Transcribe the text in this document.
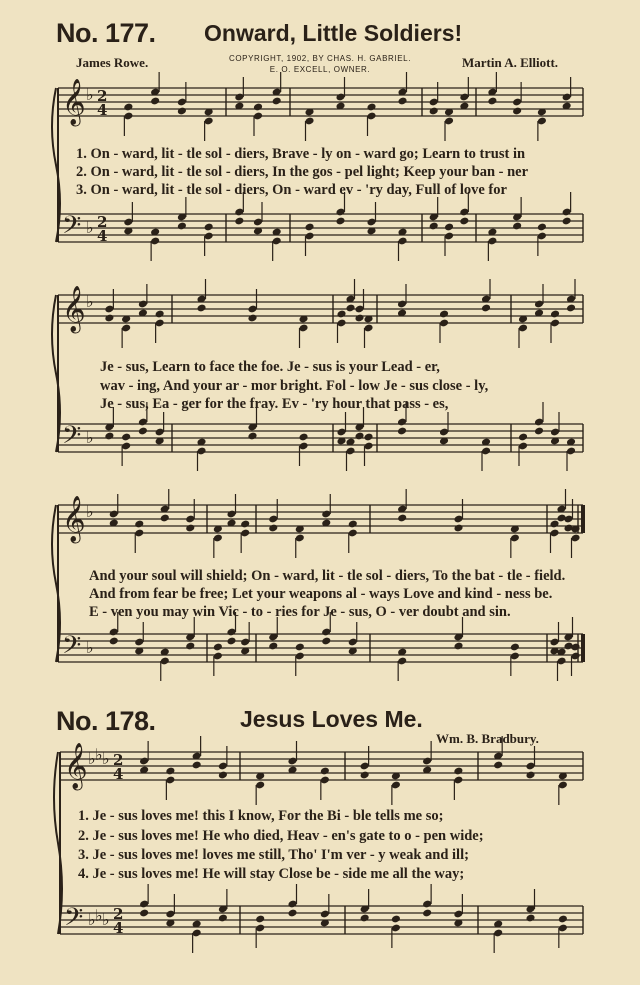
No. 177. Onward, Little Soldiers!
James Rowe.	COPYRIGHT, 1902, BY CHAS. H. GABRIEL.
E. O. EXCELL, OWNER.	Martin A. Elliott.
1. On - ward, lit - tle sol - diers, Brave - ly on - ward go; Learn to trust in
2. On - ward, lit - tle sol - diers, In the gos - pel light; Keep your ban - ner
3. On - ward, lit - tle sol - diers, On - ward ev - 'ry day, Full of love for
Je - sus, Learn to face the foe. Je - sus is your Lead - er,
wav - ing, And your ar - mor bright. Fol - low Je - sus close - ly,
Je - sus, Ea - ger for the fray. Ev - 'ry hour that pass - es,
And your soul will shield; On - ward, lit - tle sol - diers, To the bat - tle - field.
And from fear be free; Let your weapons al - ways Love and kind - ness be.
E - ven you may win Vic - to - ries for Je - sus, O - ver doubt and sin.
No. 178.	Jesus Loves Me.
Wm. B. Bradbury.
1. Je - sus loves me! this I know, For the Bi - ble tells me so;
2. Je - sus loves me! He who died, Heav - en's gate to o - pen wide;
3. Je - sus loves me! loves me still, Tho' I'm ver - y weak and ill;
4. Je - sus loves me! He will stay Close be - side me all the way;
𝄞
𝄢
♭
♭
2
4
2
4
𝄞
𝄢
♭
♭
𝄞
𝄢
♭
♭
𝄞
𝄢
♭ ♭ ♭
♭ ♭ ♭
2
4
2
4
